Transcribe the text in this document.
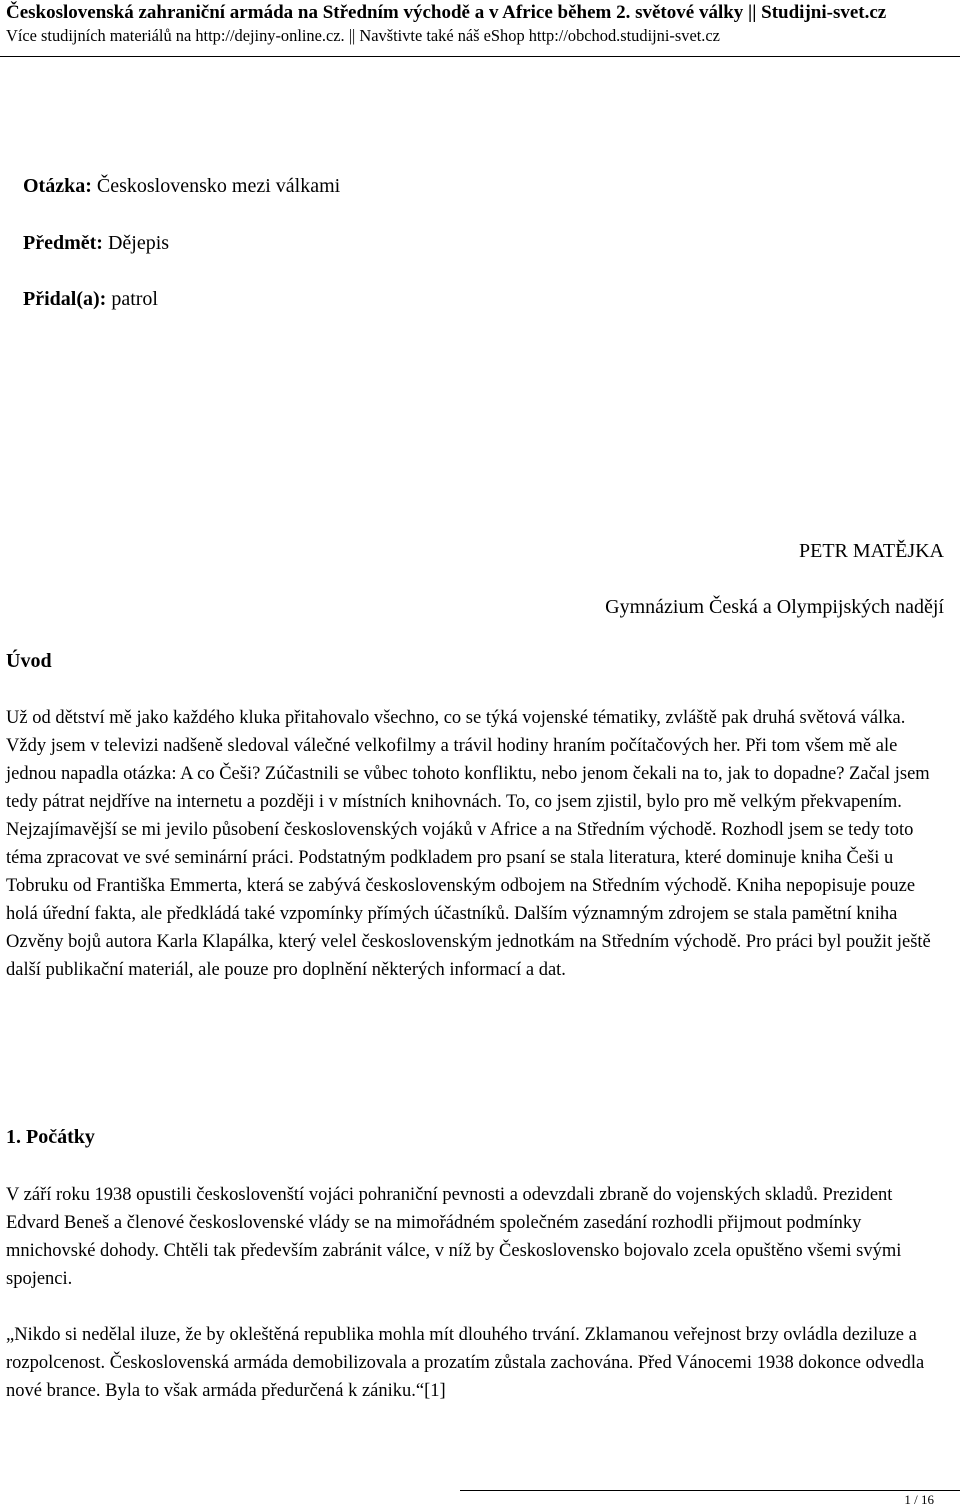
Československá zahraniční armáda na Středním východě a v Africe během 2. světové války || Studijni-svet.cz
Více studijních materiálů na http://dejiny-online.cz. || Navštivte také náš eShop http://obchod.studijni-svet.cz
Otázka: Československo mezi válkami
Předmět: Dějepis
Přidal(a): patrol
PETR MATĚJKA
Gymnázium Česká a Olympijských nadějí
Úvod
Už od dětství mě jako každého kluka přitahovalo všechno, co se týká vojenské tématiky, zvláště pak druhá světová válka. Vždy jsem v televizi nadšeně sledoval válečné velkofilmy a trávil hodiny hraním počítačových her. Při tom všem mě ale jednou napadla otázka: A co Češi? Zúčastnili se vůbec tohoto konfliktu, nebo jenom čekali na to, jak to dopadne? Začal jsem tedy pátrat nejdříve na internetu a později i v místních knihovnách. To, co jsem zjistil, bylo pro mě velkým překvapením. Nejzajímavější se mi jevilo působení československých vojáků v Africe a na Středním východě. Rozhodl jsem se tedy toto téma zpracovat ve své seminární práci. Podstatným podkladem pro psaní se stala literatura, které dominuje kniha Češi u Tobruku od Františka Emmerta, která se zabývá československým odbojem na Středním východě. Kniha nepopisuje pouze holá úřední fakta, ale předkládá také vzpomínky přímých účastníků. Dalším významným zdrojem se stala pamětní kniha Ozvěny bojů autora Karla Klapálka, který velel československým jednotkám na Středním východě. Pro práci byl použit ještě další publikační materiál, ale pouze pro doplnění některých informací a dat.
1. Počátky
V září roku 1938 opustili českoslovenští vojáci pohraniční pevnosti a odevzdali zbraně do vojenských skladů. Prezident Edvard Beneš a členové československé vlády se na mimořádném společném zasedání rozhodli přijmout podmínky mnichovské dohody. Chtěli tak především zabránit válce, v níž by Československo bojovalo zcela opuštěno všemi svými spojenci.
„Nikdo si nedělal iluze, že by okleštěná republika mohla mít dlouhého trvání. Zklamanou veřejnost brzy ovládla deziluze a rozpolcenost. Československá armáda demobilizovala a prozatím zůstala zachována. Před Vánocemi 1938 dokonce odvedla nové brance. Byla to však armáda předurčená k zániku.“[1]
1 / 16
